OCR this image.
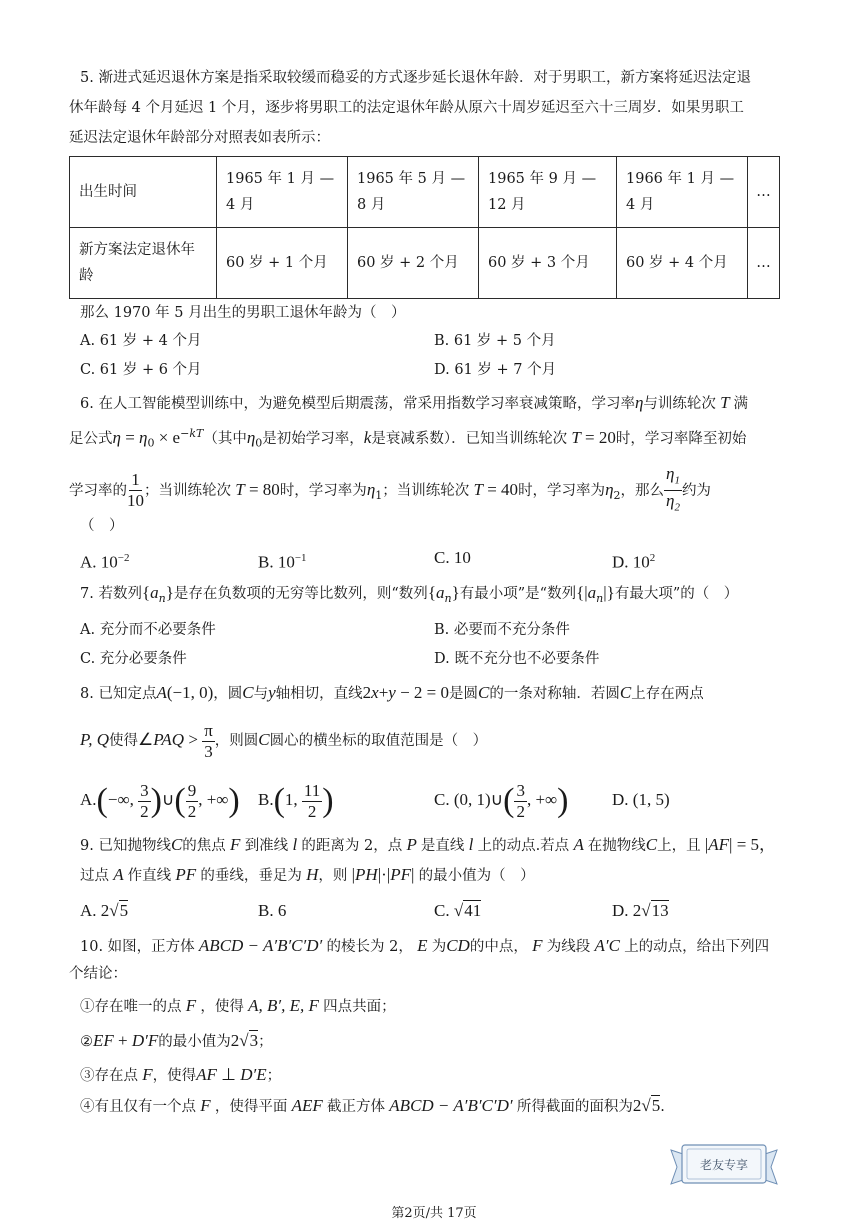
5. 渐进式延迟退休方案是指采取较缓而稳妥的方式逐步延长退休年龄．对于男职工，新方案将延迟法定退
休年龄每 4 个月延迟 1 个月，逐步将男职工的法定退休年龄从原六十周岁延迟至六十三周岁．如果男职工
延迟法定退休年龄部分对照表如表所示：
出生时间	1965 年 1 月 — 4 月	1965 年 5 月 — 8 月	1965 年 9 月 — 12 月	1966 年 1 月 — 4 月	…
新方案法定退休年龄	60 岁 + 1 个月	60 岁 + 2 个月	60 岁 + 3 个月	60 岁 + 4 个月	…
那么 1970 年 5 月出生的男职工退休年龄为（　）
A. 61 岁 + 4 个月	B. 61 岁 + 5 个月
C. 61 岁 + 6 个月	D. 61 岁 + 7 个月
6. 在人工智能模型训练中，为避免模型后期震荡，常采用指数学习率衰减策略，学习率η与训练轮次 T 满
足公式$\eta = \eta_0 \times e^{-kT}$（其中$\eta_0$是初始学习率，k是衰减系数）．已知当训练轮次 T = 20时，学习率降至初始
学习率的 $\frac{1}{10}$ ；当训练轮次 T = 80时，学习率为$\eta_1$；当训练轮次 T = 40时，学习率为$\eta_2$，那么 $\frac{\eta_1}{\eta_2}$ 约为
（　）
A. $10^{-2}$	B. $10^{-1}$	C. 10	D. $10^2$
7. 若数列$\{a_n\}$是存在负数项的无穷等比数列，则“数列$\{a_n\}$有最小项”是“数列$\{|a_n|\}$有最大项”的（　）
A. 充分而不必要条件	B. 必要而不充分条件
C. 充分必要条件	D. 既不充分也不必要条件
8. 已知定点A(−1, 0)，圆C与y轴相切，直线2x+y − 2 = 0是圆C的一条对称轴．若圆C上存在两点
P, Q使得∠PAQ > $\frac{\pi}{3}$ ，则圆C圆心的横坐标的取值范围是（　）
A.(−∞, $\frac{3}{2}$ )∪( $\frac{9}{2}$ , +∞) B.(1, $\frac{11}{2}$ )	C. (0, 1)∪( $\frac{3}{2}$ , +∞)	D. (1, 5)
9. 已知抛物线C的焦点 F 到准线 l 的距离为 2，点 P 是直线 l 上的动点.若点 A 在抛物线C上，且 |AF| = 5，
过点 A 作直线 PF 的垂线，垂足为 H，则 |PH|·|PF| 的最小值为（　）
A. 2√5	B. 6	C. √41	D. 2√13
10. 如图，正方体 ABCD − A′B′C′D′ 的棱长为 2， E 为CD的中点， F 为线段 A′C 上的动点，给出下列四
个结论：
①存在唯一的点 F ，使得 A, B′, E, F 四点共面；
②EF + D′F的最小值为2√3；
③存在点 F，使得AF ⊥ D′E；
④有且仅有一个点 F ，使得平面 AEF 截正方体 ABCD − A′B′C′D′ 所得截面的面积为2√5.
老友专享
第2页/共 17页
